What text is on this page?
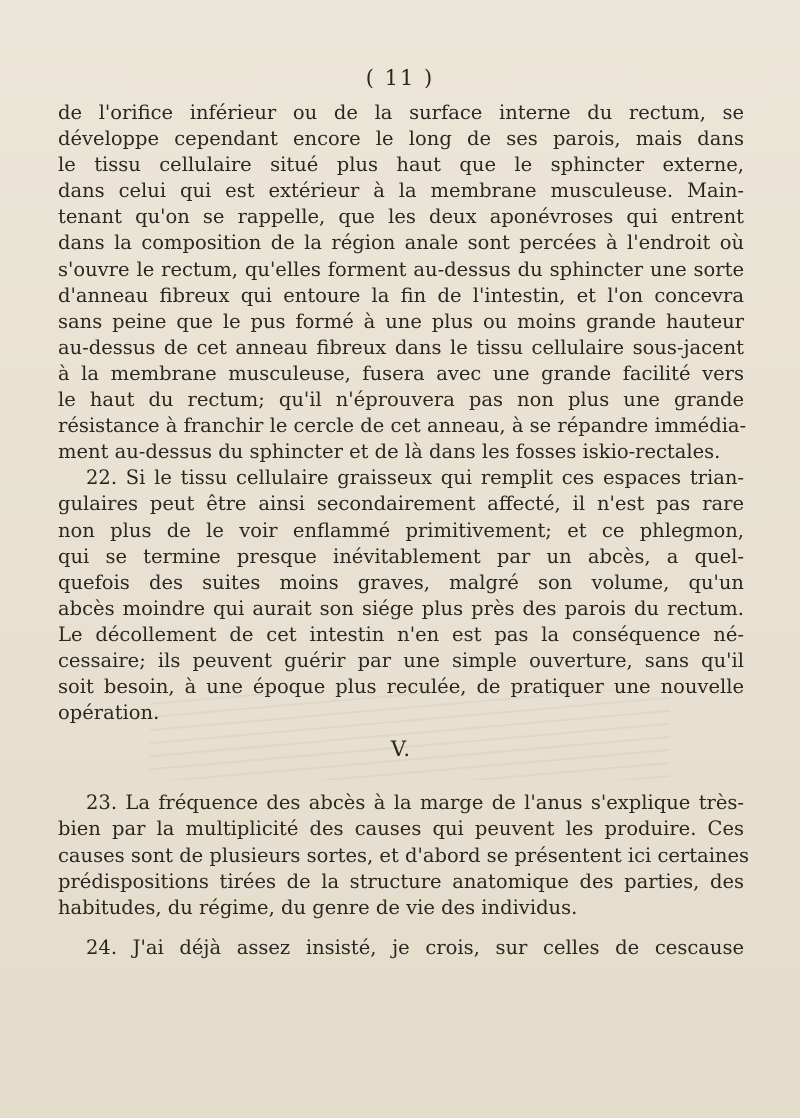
( 11 )
de l'orifice inférieur ou de la surface interne du rectum, se
développe cependant encore le long de ses parois, mais dans
le tissu cellulaire situé plus haut que le sphincter externe,
dans celui qui est extérieur à la membrane musculeuse. Main-
tenant qu'on se rappelle, que les deux aponévroses qui entrent
dans la composition de la région anale sont percées à l'endroit où
s'ouvre le rectum, qu'elles forment au-dessus du sphincter une sorte
d'anneau fibreux qui entoure la fin de l'intestin, et l'on concevra
sans peine que le pus formé à une plus ou moins grande hauteur
au-dessus de cet anneau fibreux dans le tissu cellulaire sous-jacent
à la membrane musculeuse, fusera avec une grande facilité vers
le haut du rectum; qu'il n'éprouvera pas non plus une grande
résistance à franchir le cercle de cet anneau, à se répandre immédia-
ment au-dessus du sphincter et de là dans les fosses iskio-rectales.
22. Si le tissu cellulaire graisseux qui remplit ces espaces trian-
gulaires peut être ainsi secondairement affecté, il n'est pas rare
non plus de le voir enflammé primitivement; et ce phlegmon,
qui se termine presque inévitablement par un abcès, a quel-
quefois des suites moins graves, malgré son volume, qu'un
abcès moindre qui aurait son siége plus près des parois du rectum.
Le décollement de cet intestin n'en est pas la conséquence né-
cessaire; ils peuvent guérir par une simple ouverture, sans qu'il
soit besoin, à une époque plus reculée, de pratiquer une nouvelle
opération.
V.
23. La fréquence des abcès à la marge de l'anus s'explique très-
bien par la multiplicité des causes qui peuvent les produire. Ces
causes sont de plusieurs sortes, et d'abord se présentent ici certaines
prédispositions tirées de la structure anatomique des parties, des
habitudes, du régime, du genre de vie des individus.
24. J'ai déjà assez insisté, je crois, sur celles de cescause
